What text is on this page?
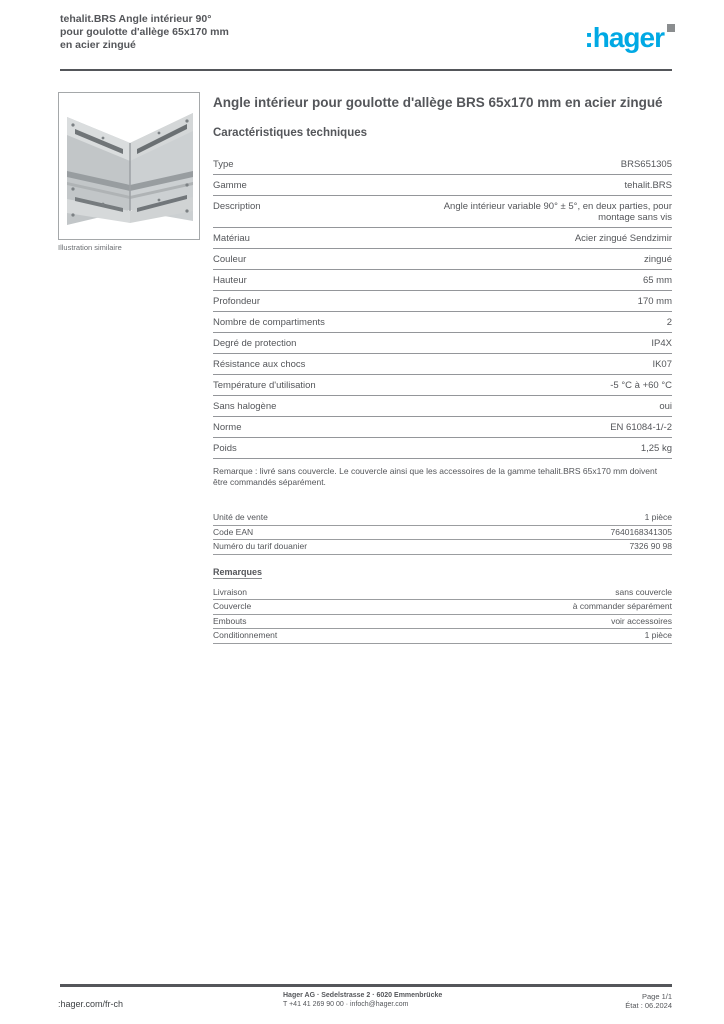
tehalit.BRS Angle intérieur 90°
pour goulotte d'allège 65x170 mm
en acier zingué	:hager
Illustration similaire
Angle intérieur pour goulotte d'allège BRS 65x170 mm en acier zingué
Caractéristiques techniques
Type	BRS651305
Gamme	tehalit.BRS
Description	Angle intérieur variable 90° ± 5°, en deux parties, pour montage sans vis
Matériau	Acier zingué Sendzimir
Couleur	zingué
Hauteur	65 mm
Profondeur	170 mm
Nombre de compartiments	2
Degré de protection	IP4X
Résistance aux chocs	IK07
Température d'utilisation	-5 °C à +60 °C
Sans halogène	oui
Norme	EN 61084-1/-2
Poids	1,25 kg
Remarque : livré sans couvercle. Le couvercle ainsi que les accessoires de la gamme tehalit.BRS 65x170 mm doivent être commandés séparément.
Unité de vente	1 pièce
Code EAN	7640168341305
Numéro du tarif douanier	7326 90 98
Remarques
Livraison	sans couvercle
Couvercle	à commander séparément
Embouts	voir accessoires
Conditionnement	1 pièce
:hager.com/fr-ch
Hager AG · Sedelstrasse 2 · 6020 Emmenbrücke
T +41 41 269 90 00 · infoch@hager.com
Page 1/1
État : 06.2024
